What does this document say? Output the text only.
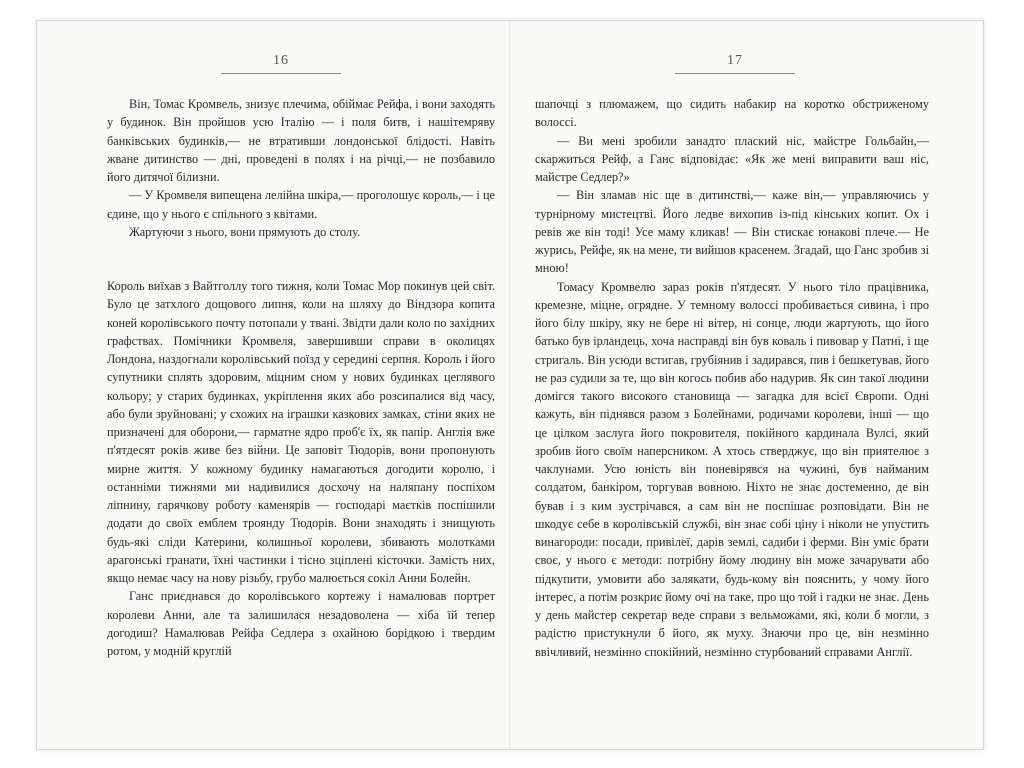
16

Він, Томас Кромвель, знизує плечима, обіймає Рейфа, і вони заходять у будинок. Він пройшов усю Італію — і поля битв, і нашітемряву банківських будинків,— не втративши лондонської блідості. Навіть жване дитинство — дні, проведені в полях і на річці,— не позбавило його дитячої білизни.

— У Кромвеля випещена лелійна шкіра,— проголошує король,— і це єдине, що у нього є спільного з квітами.

Жартуючи з нього, вони прямують до столу.

Король виїхав з Вайтголлу того тижня, коли Томас Мор покинув цей світ. Було це затхлого дощового липня, коли на шляху до Віндзора копита коней королівського почту потопали у твані. Звідти дали коло по західних графствах. Помічники Кромвеля, завершивши справи в околицях Лондона, наздогнали королівський поїзд у середині серпня. Король і його супутники сплять здоровим, міцним сном у нових будинках цеглявого кольору; у старих будинках, укріплення яких або розсипалися від часу, або були зруйновані; у схожих на іграшки казкових замках, стіни яких не призначені для оборони,— гарматне ядро проб'є їх, як папір. Англія вже п'ятдесят років живе без війни. Це заповіт Тюдорів, вони пропонують мирне життя. У кожному будинку намагаються догодити королю, і останніми тижнями ми надивилися досхочу на наляпану поспіхом ліпнину, гарячкову роботу каменярів — господарі маєтків поспішили додати до своїх емблем троянду Тюдорів. Вони знаходять і знищують будь-які сліди Катерини, колишньої королеви, збивають молотками арагонські гранати, їхні частинки і тісно зціплені кісточки. Замість них, якщо немає часу на нову різьбу, грубо малюється сокіл Анни Болейн.

Ганс приєднався до королівського кортежу і намалював портрет королеви Анни, але та залишилася незадоволена — хіба їй тепер догодиш? Намалював Рейфа Седлера з охайною борідкою і твердим ротом, у модній круглій

17

шапочці з плюмажем, що сидить набакир на коротко обстриженому волоссі.

— Ви мені зробили занадто плаский ніс, майстре Гольбайн,— скаржиться Рейф, а Ганс відповідає: «Як же мені виправити ваш ніс, майстре Седлер?»

— Він зламав ніс ще в дитинстві,— каже він,— управляючись у турнірному мистецтві. Його ледве вихопив із-під кінських копит. Ох і ревів же він тоді! Усе маму кликав! — Він стискає юнакові плече.— Не журись, Рейфе, як на мене, ти вийшов красенем. Згадай, що Ганс зробив зі мною!

Томасу Кромвелю зараз років п'ятдесят. У нього тіло працівника, кремезне, міцне, огрядне. У темному волоссі пробивається сивина, і про його білу шкіру, яку не бере ні вітер, ні сонце, люди жартують, що його батько був ірландець, хоча насправді він був коваль і пивовар у Патні, і ще стригаль. Він усюди встигав, грубіянив і задирався, пив і бешкетував, його не раз судили за те, що він когось побив або надурив. Як син такої людини домігся такого високого становища — загадка для всієї Європи. Одні кажуть, він піднявся разом з Болейнами, родичами королеви, інші — що це цілком заслуга його покровителя, покійного кардинала Вулсі, який зробив його своїм наперсником. А хтось стверджує, що він приятелює з чаклунами. Усю юність він поневірявся на чужині, був найманим солдатом, банкіром, торгував вовною. Ніхто не знає достеменно, де він бував і з ким зустрічався, а сам він не поспішає розповідати. Він не шкодує себе в королівській службі, він знає собі ціну і ніколи не упустить винагороди: посади, привілеї, дарів землі, садиби і ферми. Він уміє брати своє, у нього є методи: потрібну йому людину він може зачарувати або підкупити, умовити або залякати, будь-кому він пояснить, у чому його інтерес, а потім розкриє йому очі на таке, про що той і гадки не знає. День у день майстер секретар веде справи з вельможами, які, коли б могли, з радістю пристукнули б його, як муху. Знаючи про це, він незмінно ввічливий, незмінно спокійний, незмінно стурбований справами Англії.
